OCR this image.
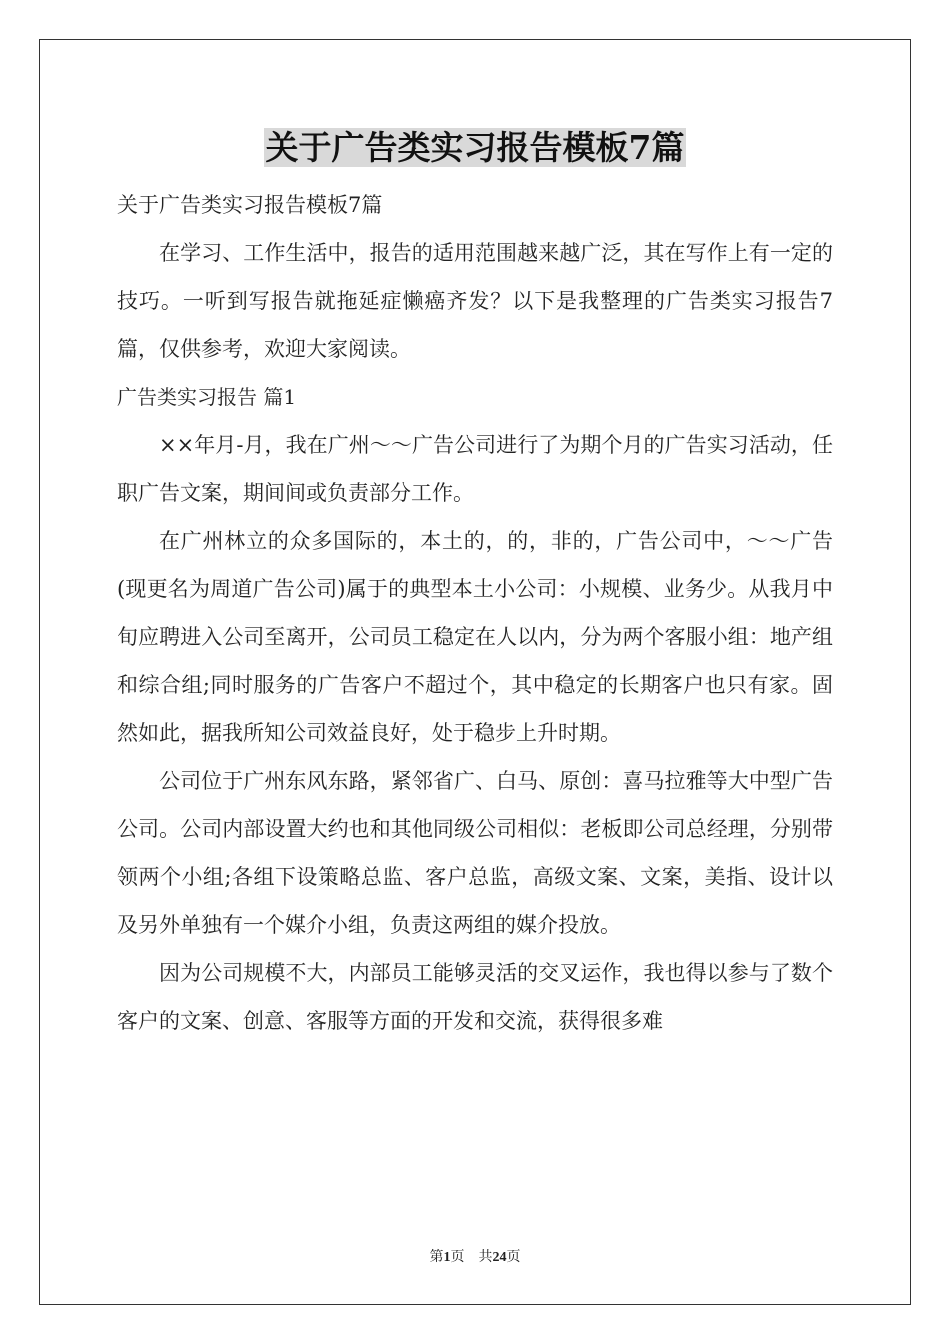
关于广告类实习报告模板7篇

关于广告类实习报告模板7篇

在学习、工作生活中，报告的适用范围越来越广泛，其在写作上有一定的技巧。一听到写报告就拖延症懒癌齐发？以下是我整理的广告类实习报告7篇，仅供参考，欢迎大家阅读。

广告类实习报告 篇1

××年月-月，我在广州～～广告公司进行了为期个月的广告实习活动，任职广告文案，期间间或负责部分工作。

在广州林立的众多国际的，本土的，的，非的，广告公司中，～～广告(现更名为周道广告公司)属于的典型本土小公司：小规模、业务少。从我月中旬应聘进入公司至离开，公司员工稳定在人以内，分为两个客服小组：地产组和综合组;同时服务的广告客户不超过个，其中稳定的长期客户也只有家。固然如此，据我所知公司效益良好，处于稳步上升时期。

公司位于广州东风东路，紧邻省广、白马、原创：喜马拉雅等大中型广告公司。公司内部设置大约也和其他同级公司相似：老板即公司总经理，分别带领两个小组;各组下设策略总监、客户总监，高级文案、文案，美指、设计以及另外单独有一个媒介小组，负责这两组的媒介投放。

因为公司规模不大，内部员工能够灵活的交叉运作，我也得以参与了数个客户的文案、创意、客服等方面的开发和交流，获得很多难

第1页　共24页
